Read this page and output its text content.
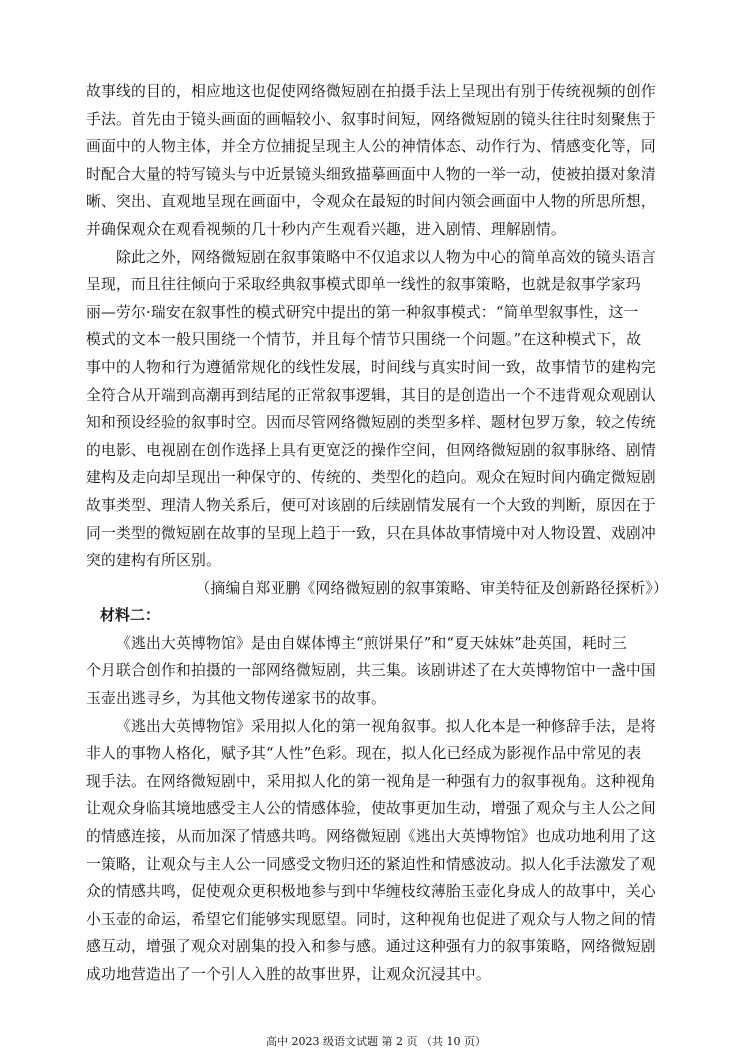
故事线的目的，相应地这也促使网络微短剧在拍摄手法上呈现出有别于传统视频的创作
手法。首先由于镜头画面的画幅较小、叙事时间短，网络微短剧的镜头往往时刻聚焦于
画面中的人物主体，并全方位捕捉呈现主人公的神情体态、动作行为、情感变化等，同
时配合大量的特写镜头与中近景镜头细致描摹画面中人物的一举一动，使被拍摄对象清
晰、突出、直观地呈现在画面中，令观众在最短的时间内领会画面中人物的所思所想，
并确保观众在观看视频的几十秒内产生观看兴趣，进入剧情、理解剧情。
除此之外，网络微短剧在叙事策略中不仅追求以人物为中心的简单高效的镜头语言
呈现，而且往往倾向于采取经典叙事模式即单一线性的叙事策略，也就是叙事学家玛
丽—劳尔·瑞安在叙事性的模式研究中提出的第一种叙事模式：“简单型叙事性，这一
模式的文本一般只围绕一个情节，并且每个情节只围绕一个问题。”在这种模式下，故
事中的人物和行为遵循常规化的线性发展，时间线与真实时间一致，故事情节的建构完
全符合从开端到高潮再到结尾的正常叙事逻辑，其目的是创造出一个不违背观众观剧认
知和预设经验的叙事时空。因而尽管网络微短剧的类型多样、题材包罗万象，较之传统
的电影、电视剧在创作选择上具有更宽泛的操作空间，但网络微短剧的叙事脉络、剧情
建构及走向却呈现出一种保守的、传统的、类型化的趋向。观众在短时间内确定微短剧
故事类型、理清人物关系后，便可对该剧的后续剧情发展有一个大致的判断，原因在于
同一类型的微短剧在故事的呈现上趋于一致，只在具体故事情境中对人物设置、戏剧冲
突的建构有所区别。
（摘编自郑亚鹏《网络微短剧的叙事策略、审美特征及创新路径探析》）
材料二：
《逃出大英博物馆》是由自媒体博主“煎饼果仔”和“夏天妹妹”赴英国，耗时三
个月联合创作和拍摄的一部网络微短剧，共三集。该剧讲述了在大英博物馆中一盏中国
玉壶出逃寻乡，为其他文物传递家书的故事。
《逃出大英博物馆》采用拟人化的第一视角叙事。拟人化本是一种修辞手法，是将
非人的事物人格化，赋予其“人性”色彩。现在，拟人化已经成为影视作品中常见的表
现手法。在网络微短剧中，采用拟人化的第一视角是一种强有力的叙事视角。这种视角
让观众身临其境地感受主人公的情感体验，使故事更加生动，增强了观众与主人公之间
的情感连接，从而加深了情感共鸣。网络微短剧《逃出大英博物馆》也成功地利用了这
一策略，让观众与主人公一同感受文物归还的紧迫性和情感波动。拟人化手法激发了观
众的情感共鸣，促使观众更积极地参与到中华缠枝纹薄胎玉壶化身成人的故事中，关心
小玉壶的命运，希望它们能够实现愿望。同时，这种视角也促进了观众与人物之间的情
感互动，增强了观众对剧集的投入和参与感。通过这种强有力的叙事策略，网络微短剧
成功地营造出了一个引人入胜的故事世界，让观众沉浸其中。
高中 2023 级语文试题 第 2 页 （共 10 页）
